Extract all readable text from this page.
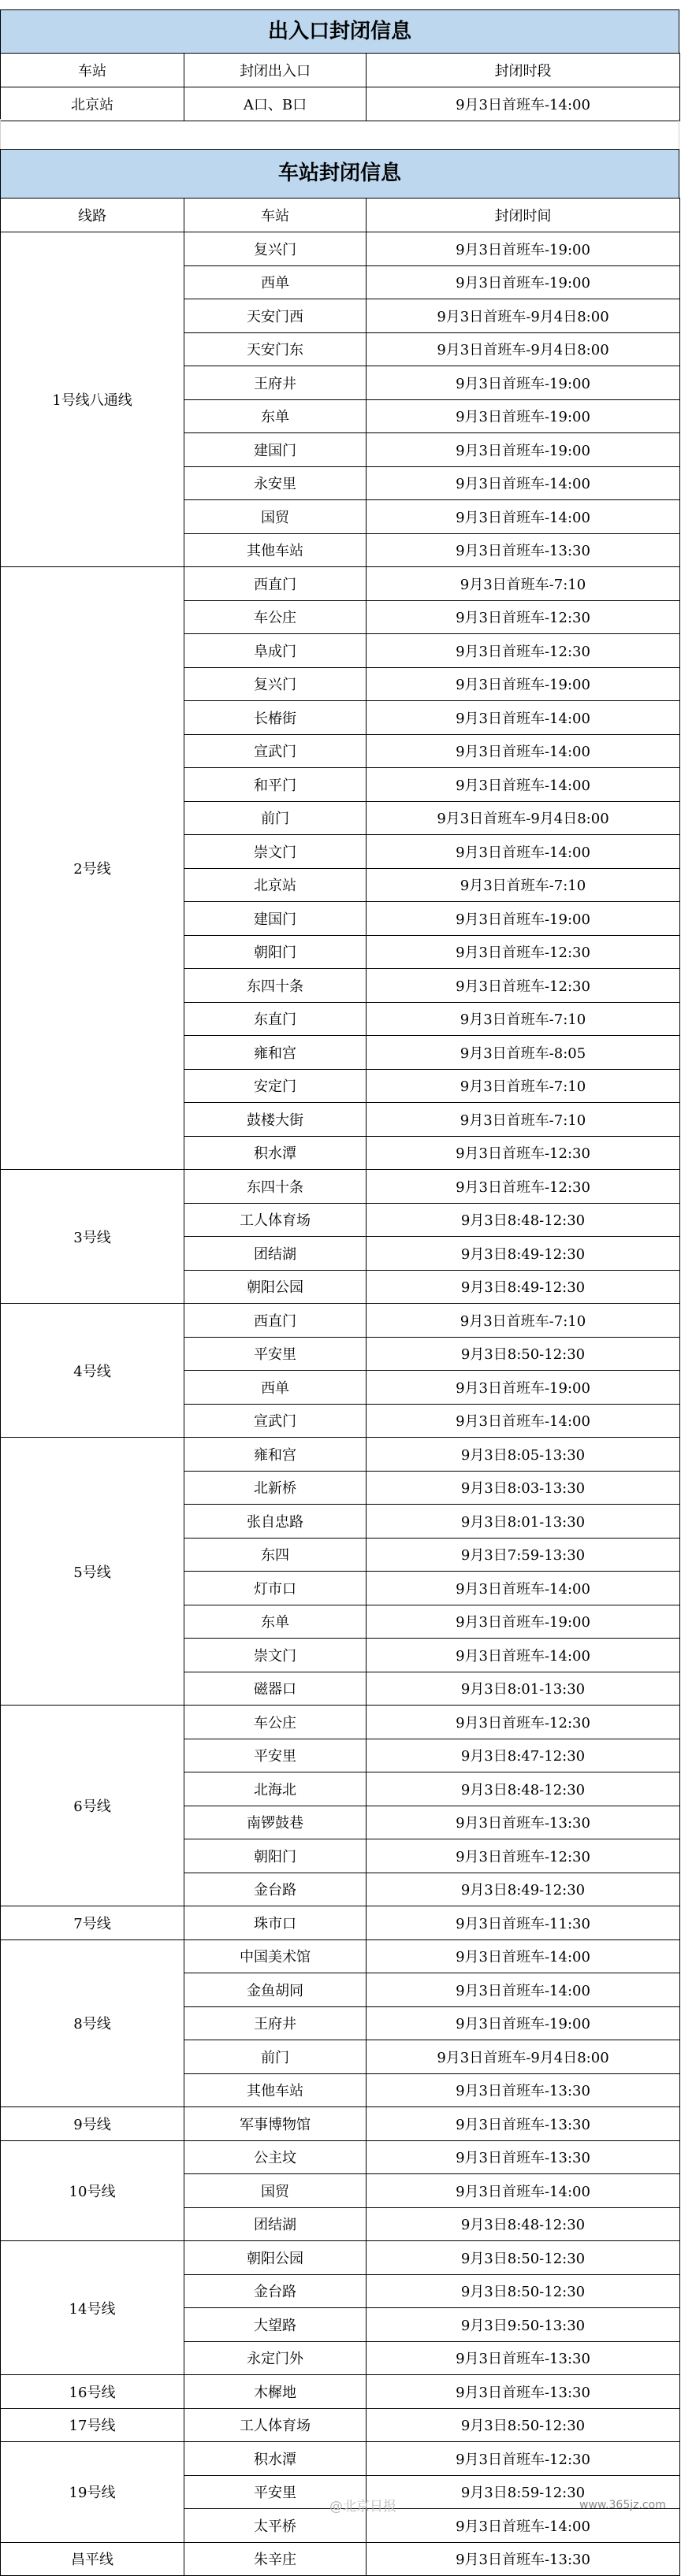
出入口封闭信息
车站	封闭出入口	封闭时段
北京站	A口、B口	9月3日首班车-14:00
车站封闭信息
线路	车站	封闭时间
1号线八通线	复兴门	9月3日首班车-19:00
	西单	9月3日首班车-19:00
	天安门西	9月3日首班车-9月4日8:00
	天安门东	9月3日首班车-9月4日8:00
	王府井	9月3日首班车-19:00
	东单	9月3日首班车-19:00
	建国门	9月3日首班车-19:00
	永安里	9月3日首班车-14:00
	国贸	9月3日首班车-14:00
	其他车站	9月3日首班车-13:30
2号线	西直门	9月3日首班车-7:10
	车公庄	9月3日首班车-12:30
	阜成门	9月3日首班车-12:30
	复兴门	9月3日首班车-19:00
	长椿街	9月3日首班车-14:00
	宣武门	9月3日首班车-14:00
	和平门	9月3日首班车-14:00
	前门	9月3日首班车-9月4日8:00
	崇文门	9月3日首班车-14:00
	北京站	9月3日首班车-7:10
	建国门	9月3日首班车-19:00
	朝阳门	9月3日首班车-12:30
	东四十条	9月3日首班车-12:30
	东直门	9月3日首班车-7:10
	雍和宫	9月3日首班车-8:05
	安定门	9月3日首班车-7:10
	鼓楼大街	9月3日首班车-7:10
	积水潭	9月3日首班车-12:30
3号线	东四十条	9月3日首班车-12:30
	工人体育场	9月3日8:48-12:30
	团结湖	9月3日8:49-12:30
	朝阳公园	9月3日8:49-12:30
4号线	西直门	9月3日首班车-7:10
	平安里	9月3日8:50-12:30
	西单	9月3日首班车-19:00
	宣武门	9月3日首班车-14:00
5号线	雍和宫	9月3日8:05-13:30
	北新桥	9月3日8:03-13:30
	张自忠路	9月3日8:01-13:30
	东四	9月3日7:59-13:30
	灯市口	9月3日首班车-14:00
	东单	9月3日首班车-19:00
	崇文门	9月3日首班车-14:00
	磁器口	9月3日8:01-13:30
6号线	车公庄	9月3日首班车-12:30
	平安里	9月3日8:47-12:30
	北海北	9月3日8:48-12:30
	南锣鼓巷	9月3日首班车-13:30
	朝阳门	9月3日首班车-12:30
	金台路	9月3日8:49-12:30
7号线	珠市口	9月3日首班车-11:30
8号线	中国美术馆	9月3日首班车-14:00
	金鱼胡同	9月3日首班车-14:00
	王府井	9月3日首班车-19:00
	前门	9月3日首班车-9月4日8:00
	其他车站	9月3日首班车-13:30
9号线	军事博物馆	9月3日首班车-13:30
10号线	公主坟	9月3日首班车-13:30
	国贸	9月3日首班车-14:00
	团结湖	9月3日8:48-12:30
14号线	朝阳公园	9月3日8:50-12:30
	金台路	9月3日8:50-12:30
	大望路	9月3日9:50-13:30
	永定门外	9月3日首班车-13:30
16号线	木樨地	9月3日首班车-13:30
17号线	工人体育场	9月3日8:50-12:30
19号线	积水潭	9月3日首班车-12:30
	平安里	9月3日8:59-12:30
	太平桥	9月3日首班车-14:00
昌平线	朱辛庄	9月3日首班车-13:30
@北京日报	www.365jz.com
